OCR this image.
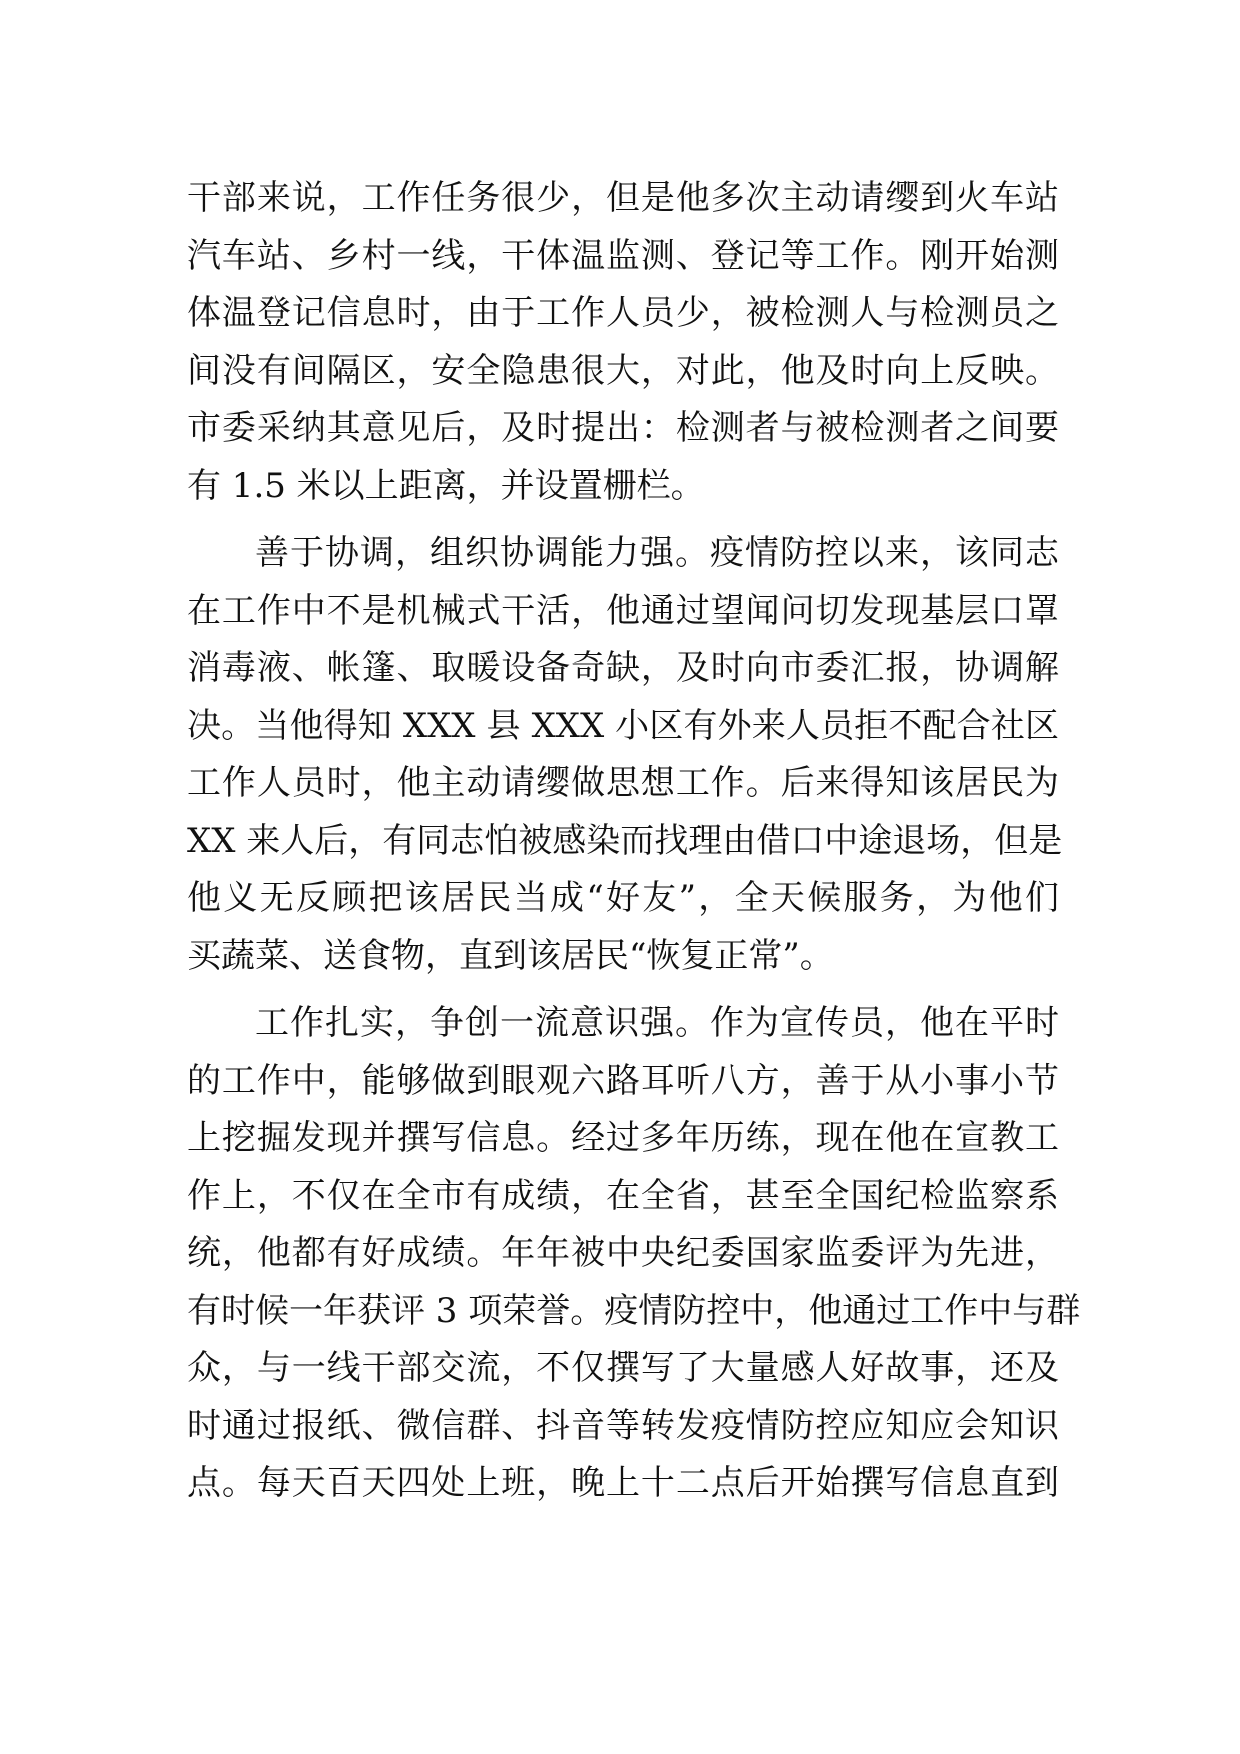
干部来说，工作任务很少，但是他多次主动请缨到火车站
汽车站、乡村一线，干体温监测、登记等工作。刚开始测
体温登记信息时，由于工作人员少，被检测人与检测员之
间没有间隔区，安全隐患很大，对此，他及时向上反映。
市委采纳其意见后，及时提出：检测者与被检测者之间要
有 1.5 米以上距离，并设置栅栏。
善于协调，组织协调能力强。疫情防控以来，该同志
在工作中不是机械式干活，他通过望闻问切发现基层口罩
消毒液、帐篷、取暖设备奇缺，及时向市委汇报，协调解
决。当他得知 XXX 县 XXX 小区有外来人员拒不配合社区
工作人员时，他主动请缨做思想工作。后来得知该居民为
XX 来人后，有同志怕被感染而找理由借口中途退场，但是
他义无反顾把该居民当成“好友”，全天候服务，为他们
买蔬菜、送食物，直到该居民“恢复正常”。
工作扎实，争创一流意识强。作为宣传员，他在平时
的工作中，能够做到眼观六路耳听八方，善于从小事小节
上挖掘发现并撰写信息。经过多年历练，现在他在宣教工
作上，不仅在全市有成绩，在全省，甚至全国纪检监察系
统，他都有好成绩。年年被中央纪委国家监委评为先进，
有时候一年获评 3 项荣誉。疫情防控中，他通过工作中与群
众，与一线干部交流，不仅撰写了大量感人好故事，还及
时通过报纸、微信群、抖音等转发疫情防控应知应会知识
点。每天百天四处上班，晚上十二点后开始撰写信息直到
